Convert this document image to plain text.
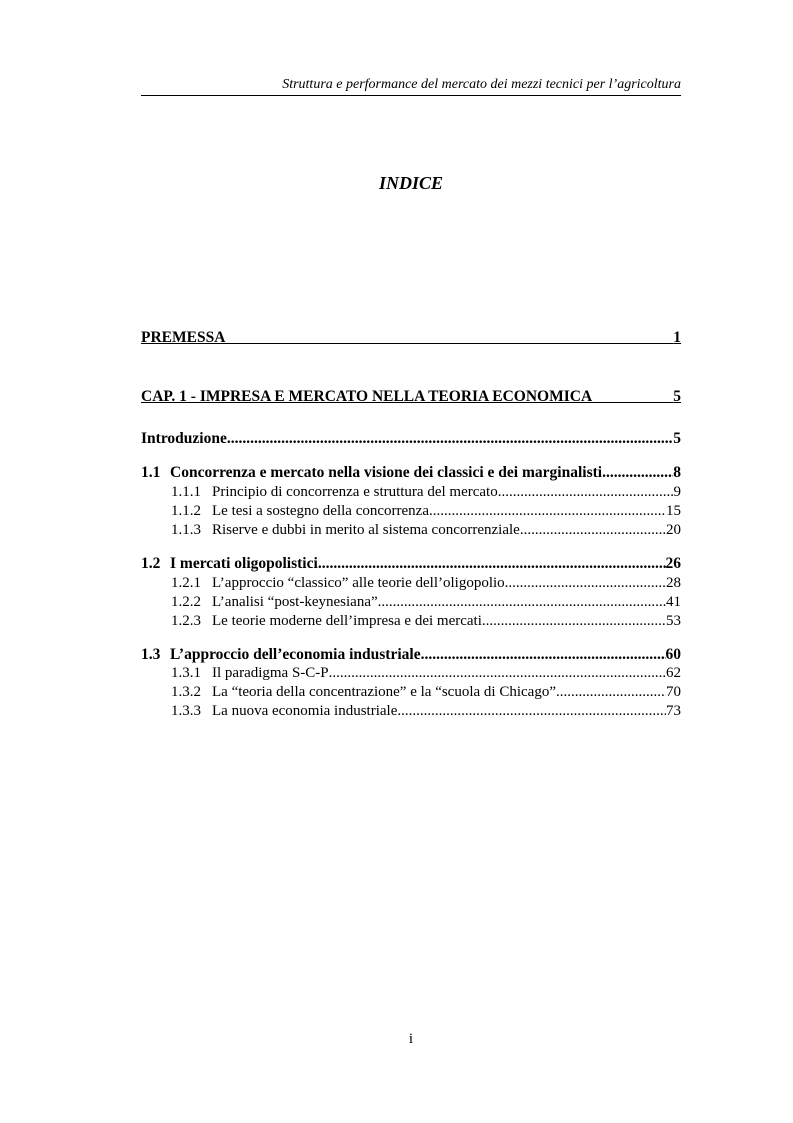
Struttura e performance del mercato dei mezzi tecnici per l’agricoltura
INDICE
PREMESSA	1
CAP. 1 - IMPRESA E MERCATO NELLA TEORIA ECONOMICA	5
Introduzione .....	5
1.1 Concorrenza e mercato nella visione dei classici e dei marginalisti .....	8
1.1.1 Principio di concorrenza e struttura del mercato .....	9
1.1.2 Le tesi a sostegno della concorrenza .....	15
1.1.3 Riserve e dubbi in merito al sistema concorrenziale .....	20
1.2 I mercati oligopolistici .....	26
1.2.1 L’approccio “classico” alle teorie dell’oligopolio .....	28
1.2.2 L’analisi “post-keynesiana” .....	41
1.2.3 Le teorie moderne dell’impresa e dei mercati .....	53
1.3 L’approccio dell’economia industriale .....	60
1.3.1 Il paradigma S-C-P .....	62
1.3.2 La “teoria della concentrazione” e la “scuola di Chicago” .....	70
1.3.3 La nuova economia industriale .....	73
i
